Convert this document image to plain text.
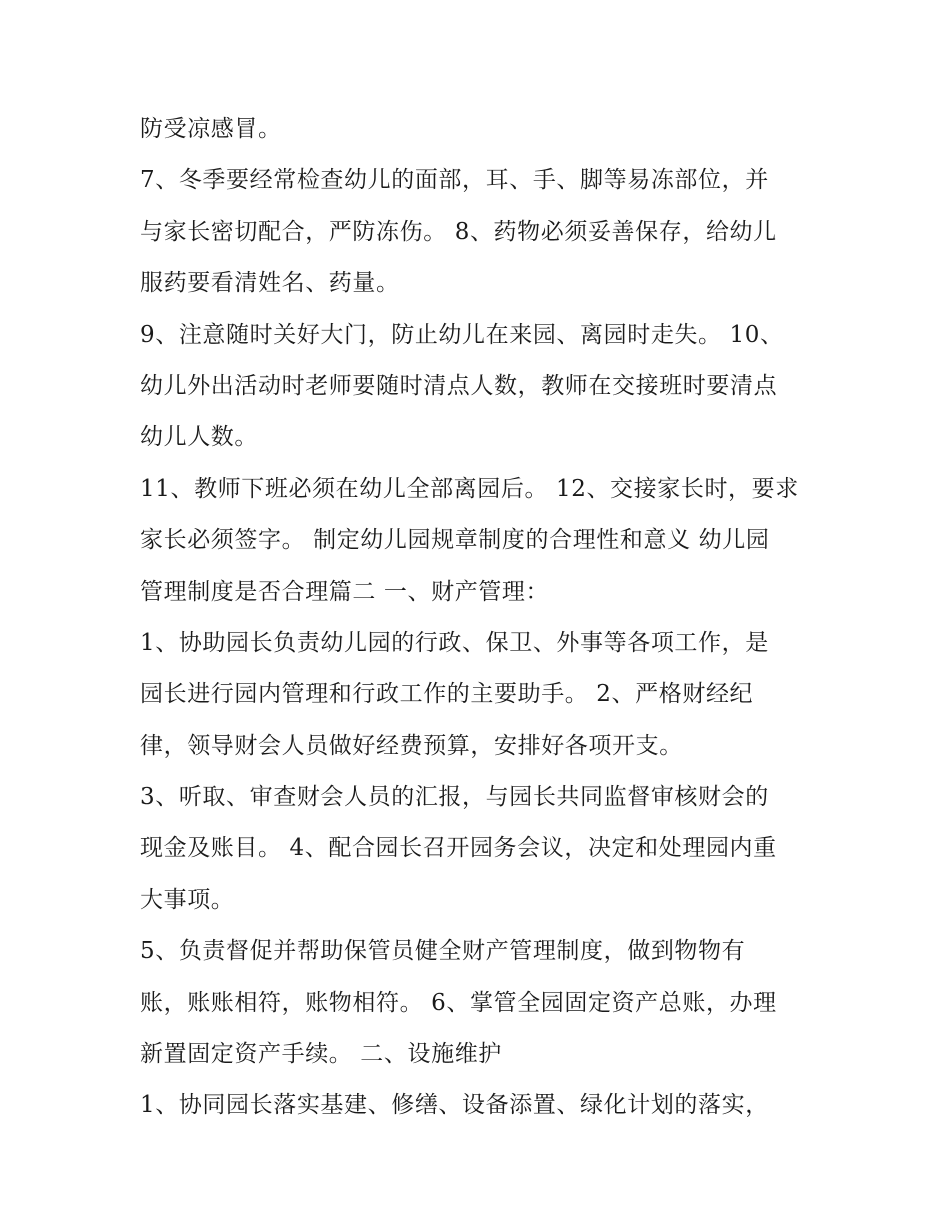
防受凉感冒。
7、冬季要经常检查幼儿的面部，耳、手、脚等易冻部位，并
与家长密切配合，严防冻伤。 8、药物必须妥善保存，给幼儿
服药要看清姓名、药量。
9、注意随时关好大门，防止幼儿在来园、离园时走失。 10、
幼儿外出活动时老师要随时清点人数，教师在交接班时要清点
幼儿人数。
11、教师下班必须在幼儿全部离园后。 12、交接家长时，要求
家长必须签字。 制定幼儿园规章制度的合理性和意义 幼儿园
管理制度是否合理篇二 一、财产管理：
1、协助园长负责幼儿园的行政、保卫、外事等各项工作，是
园长进行园内管理和行政工作的主要助手。 2、严格财经纪
律，领导财会人员做好经费预算，安排好各项开支。
3、听取、审查财会人员的汇报，与园长共同监督审核财会的
现金及账目。 4、配合园长召开园务会议，决定和处理园内重
大事项。
5、负责督促并帮助保管员健全财产管理制度，做到物物有
账，账账相符，账物相符。 6、掌管全园固定资产总账，办理
新置固定资产手续。 二、设施维护
1、协同园长落实基建、修缮、设备添置、绿化计划的落实，
